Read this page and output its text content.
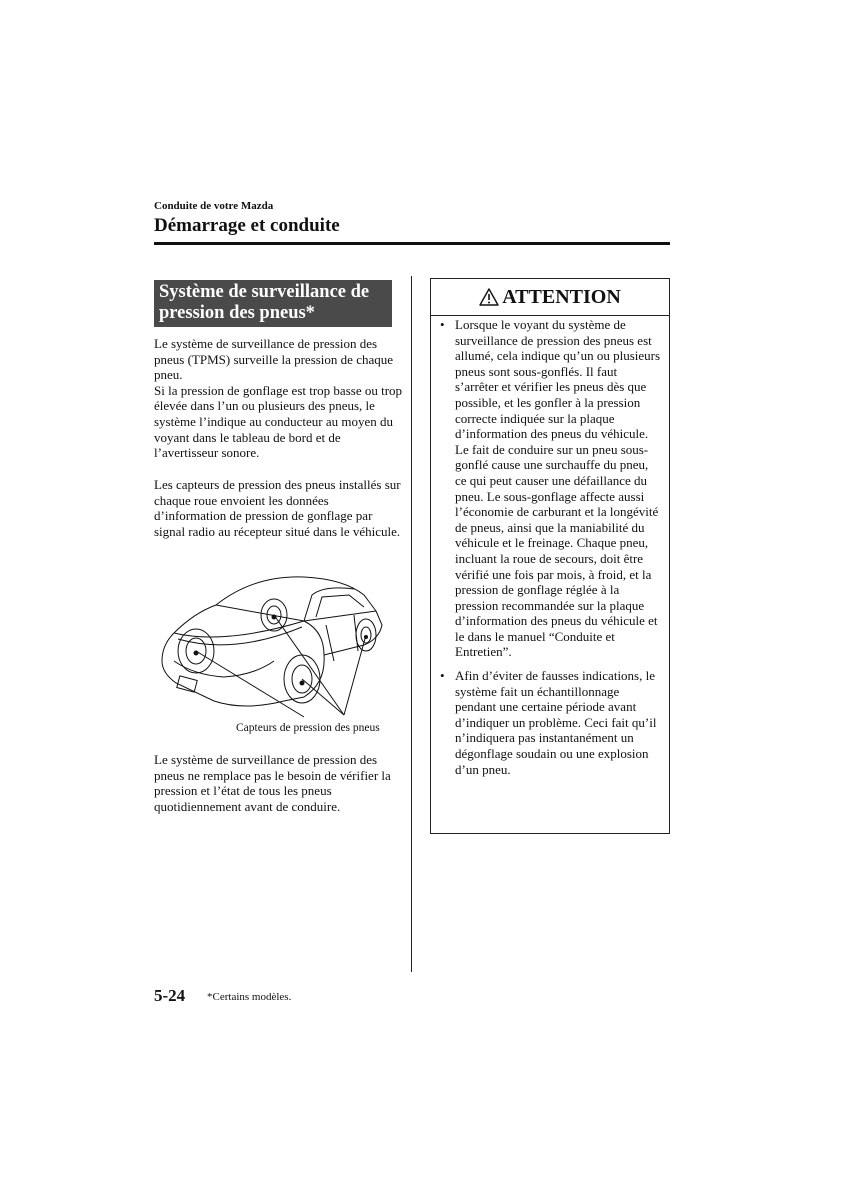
Conduite de votre Mazda
Démarrage et conduite
Système de surveillance de pression des pneus*

Le système de surveillance de pression des pneus (TPMS) surveille la pression de chaque pneu.
Si la pression de gonflage est trop basse ou trop élevée dans l’un ou plusieurs des pneus, le système l’indique au conducteur au moyen du voyant dans le tableau de bord et de l’avertisseur sonore.

Les capteurs de pression des pneus installés sur chaque roue envoient les données d’information de pression de gonflage par signal radio au récepteur situé dans le véhicule.

Capteurs de pression des pneus

Le système de surveillance de pression des pneus ne remplace pas le besoin de vérifier la pression et l’état de tous les pneus quotidiennement avant de conduire.

ATTENTION
• Lorsque le voyant du système de surveillance de pression des pneus est allumé, cela indique qu’un ou plusieurs pneus sont sous-gonflés. Il faut s’arrêter et vérifier les pneus dès que possible, et les gonfler à la pression correcte indiquée sur la plaque d’information des pneus du véhicule. Le fait de conduire sur un pneu sous-gonflé cause une surchauffe du pneu, ce qui peut causer une défaillance du pneu. Le sous-gonflage affecte aussi l’économie de carburant et la longévité de pneus, ainsi que la maniabilité du véhicule et le freinage. Chaque pneu, incluant la roue de secours, doit être vérifié une fois par mois, à froid, et la pression de gonflage réglée à la pression recommandée sur la plaque d’information des pneus du véhicule et le dans le manuel “Conduite et Entretien”.
• Afin d’éviter de fausses indications, le système fait un échantillonnage pendant une certaine période avant d’indiquer un problème. Ceci fait qu’il n’indiquera pas instantanément un dégonflage soudain ou une explosion d’un pneu.
5-24 *Certains modèles.
